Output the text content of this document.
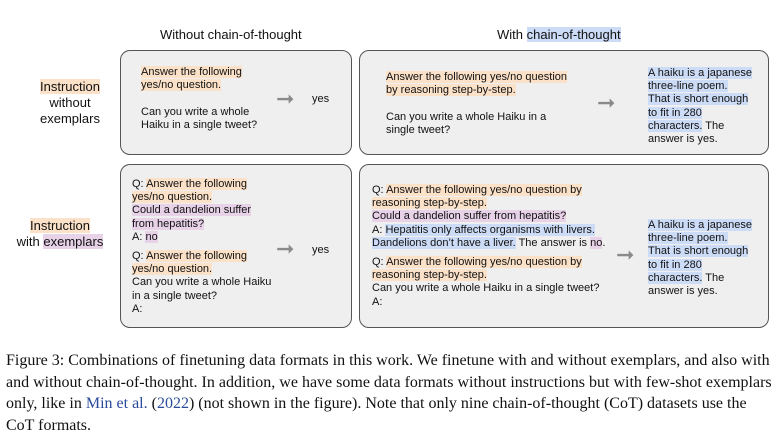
Without chain-of-thought	With chain-of-thought
Instruction
without
exemplars
Instruction
with exemplars
Answer the following
yes/no question.
Can you write a whole
Haiku in a single tweet?
➞ yes
Answer the following yes/no question
by reasoning step-by-step.
Can you write a whole Haiku in a
single tweet?
➞
A haiku is a japanese
three-line poem.
That is short enough
to fit in 280
characters. The
answer is yes.
Q: Answer the following
yes/no question.
Could a dandelion suffer
from hepatitis?
A: no
Q: Answer the following
yes/no question.
Can you write a whole Haiku
in a single tweet?
A:
➞ yes
Q: Answer the following yes/no question by
reasoning step-by-step.
Could a dandelion suffer from hepatitis?
A: Hepatitis only affects organisms with livers.
Dandelions don’t have a liver. The answer is no.
Q: Answer the following yes/no question by
reasoning step-by-step.
Can you write a whole Haiku in a single tweet?
A:
➞
A haiku is a japanese
three-line poem.
That is short enough
to fit in 280
characters. The
answer is yes.
Figure 3: Combinations of finetuning data formats in this work. We finetune with and without exemplars, and also with and without chain-of-thought. In addition, we have some data formats without instructions but with few-shot exemplars only, like in Min et al. (2022) (not shown in the figure). Note that only nine chain-of-thought (CoT) datasets use the CoT formats.
